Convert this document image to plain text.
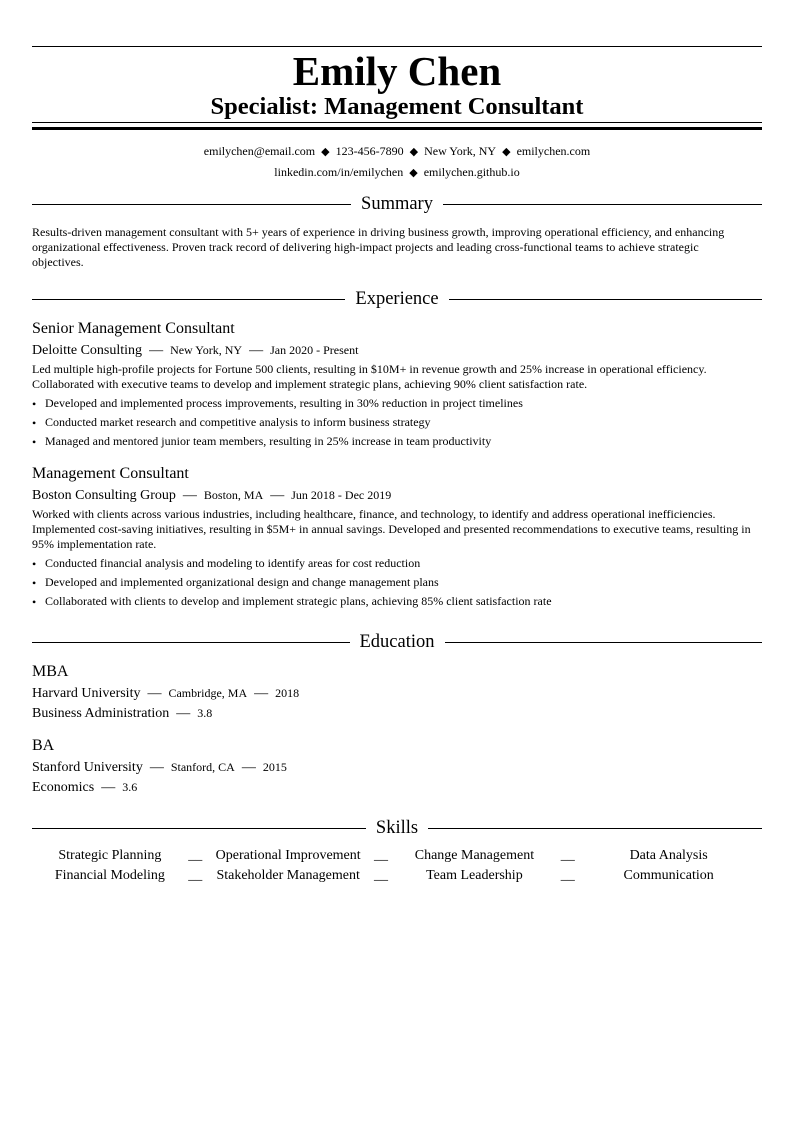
Emily Chen
Specialist: Management Consultant
emilychen@email.com ◆ 123-456-7890 ◆ New York, NY ◆ emilychen.com
linkedin.com/in/emilychen ◆ emilychen.github.io
Summary
Results-driven management consultant with 5+ years of experience in driving business growth, improving operational efficiency, and enhancing organizational effectiveness. Proven track record of delivering high-impact projects and leading cross-functional teams to achieve strategic objectives.
Experience
Senior Management Consultant
Deloitte Consulting — New York, NY — Jan 2020 - Present
Led multiple high-profile projects for Fortune 500 clients, resulting in $10M+ in revenue growth and 25% increase in operational efficiency. Collaborated with executive teams to develop and implement strategic plans, achieving 90% client satisfaction rate.
• Developed and implemented process improvements, resulting in 30% reduction in project timelines
• Conducted market research and competitive analysis to inform business strategy
• Managed and mentored junior team members, resulting in 25% increase in team productivity
Management Consultant
Boston Consulting Group — Boston, MA — Jun 2018 - Dec 2019
Worked with clients across various industries, including healthcare, finance, and technology, to identify and address operational inefficiencies. Implemented cost-saving initiatives, resulting in $5M+ in annual savings. Developed and presented recommendations to executive teams, resulting in 95% implementation rate.
• Conducted financial analysis and modeling to identify areas for cost reduction
• Developed and implemented organizational design and change management plans
• Collaborated with clients to develop and implement strategic plans, achieving 85% client satisfaction rate
Education
MBA
Harvard University — Cambridge, MA — 2018
Business Administration — 3.8
BA
Stanford University — Stanford, CA — 2015
Economics — 3.6
Skills
Strategic Planning	__ Operational Improvement __	Change Management	__	Data Analysis
Financial Modeling	__	Stakeholder Management	__	Team Leadership	__	Communication
